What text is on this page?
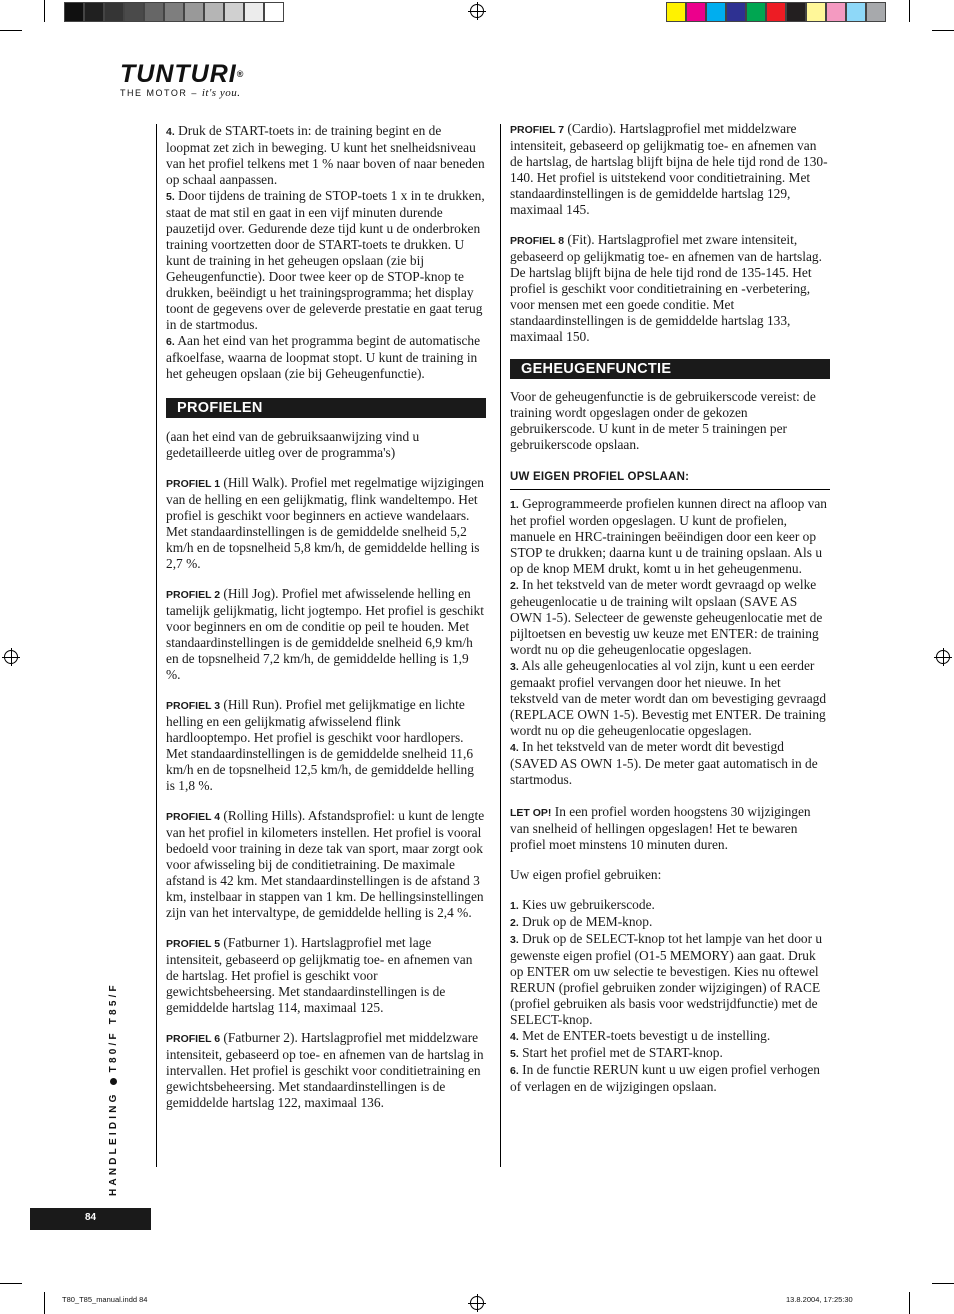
TUNTURI®
THE MOTOR – it's you.

4. Druk de START-toets in: de training begint en de loopmat zet zich in beweging. U kunt het snelheidsniveau van het profiel telkens met 1 % naar boven of naar beneden op schaal aanpassen.

5. Door tijdens de training de STOP-toets 1 x in te drukken, staat de mat stil en gaat in een vijf minuten durende pauzetijd over. Gedurende deze tijd kunt u de onderbroken training voortzetten door de START-toets te drukken. U kunt de training in het geheugen opslaan (zie bij Geheugenfunctie). Door twee keer op de STOP-knop te drukken, beëindigt u het trainingsprogramma; het display toont de gegevens over de geleverde prestatie en gaat terug in de startmodus.

6. Aan het eind van het programma begint de automatische afkoelfase, waarna de loopmat stopt. U kunt de training in het geheugen opslaan (zie bij Geheugenfunctie).

PROFIELEN

(aan het eind van de gebruiksaanwijzing vind u gedetailleerde uitleg over de programma's)

PROFIEL 1 (Hill Walk). Profiel met regelmatige wijzigingen van de helling en een gelijkmatig, flink wandeltempo. Het profiel is geschikt voor beginners en actieve wandelaars. Met standaardinstellingen is de gemiddelde snelheid 5,2 km/h en de topsnelheid 5,8 km/h, de gemiddelde helling is 2,7 %.

PROFIEL 2 (Hill Jog). Profiel met afwisselende helling en tamelijk gelijkmatig, licht jogtempo. Het profiel is geschikt voor beginners en om de conditie op peil te houden. Met standaardinstellingen is de gemiddelde snelheid 6,9 km/h en de topsnelheid 7,2 km/h, de gemiddelde helling is 1,9 %.

PROFIEL 3 (Hill Run). Profiel met gelijkmatige en lichte helling en een gelijkmatig afwisselend flink hardlooptempo. Het profiel is geschikt voor hardlopers. Met standaardinstellingen is de gemiddelde snelheid 11,6 km/h en de topsnelheid 12,5 km/h, de gemiddelde helling is 1,8 %.

PROFIEL 4 (Rolling Hills). Afstandsprofiel: u kunt de lengte van het profiel in kilometers instellen. Het profiel is vooral bedoeld voor training in deze tak van sport, maar zorgt ook voor afwisseling bij de conditietraining. De maximale afstand is 42 km. Met standaardinstellingen is de afstand 3 km, instelbaar in stappen van 1 km. De hellingsinstellingen zijn van het intervaltype, de gemiddelde helling is 2,4 %.

PROFIEL 5 (Fatburner 1). Hartslagprofiel met lage intensiteit, gebaseerd op gelijkmatig toe- en afnemen van de hartslag. Het profiel is geschikt voor gewichtsbeheersing. Met standaardinstellingen is de gemiddelde hartslag 114, maximaal 125.

PROFIEL 6 (Fatburner 2). Hartslagprofiel met middelzware intensiteit, gebaseerd op toe- en afnemen van de hartslag in intervallen. Het profiel is geschikt voor conditietraining en gewichtsbeheersing. Met standaardinstellingen is de gemiddelde hartslag 122, maximaal 136.

PROFIEL 7 (Cardio). Hartslagprofiel met middelzware intensiteit, gebaseerd op gelijkmatig toe- en afnemen van de hartslag, de hartslag blijft bijna de hele tijd rond de 130-140. Het profiel is uitstekend voor conditietraining. Met standaardinstellingen is de gemiddelde hartslag 129, maximaal 145.

PROFIEL 8 (Fit). Hartslagprofiel met zware intensiteit, gebaseerd op gelijkmatig toe- en afnemen van de hartslag. De hartslag blijft bijna de hele tijd rond de 135-145. Het profiel is geschikt voor conditietraining en -verbetering, voor mensen met een goede conditie. Met standaardinstellingen is de gemiddelde hartslag 133, maximaal 150.

GEHEUGENFUNCTIE

Voor de geheugenfunctie is de gebruikerscode vereist: de training wordt opgeslagen onder de gekozen gebruikerscode. U kunt in de meter 5 trainingen per gebruikerscode opslaan.

UW EIGEN PROFIEL OPSLAAN:

1. Geprogrammeerde profielen kunnen direct na afloop van het profiel worden opgeslagen. U kunt de profielen, manuele en HRC-trainingen beëindigen door een keer op STOP te drukken; daarna kunt u de training opslaan. Als u op de knop MEM drukt, komt u in het geheugenmenu.

2. In het tekstveld van de meter wordt gevraagd op welke geheugenlocatie u de training wilt opslaan (SAVE AS OWN 1-5). Selecteer de gewenste geheugenlocatie met de pijltoetsen en bevestig uw keuze met ENTER: de training wordt nu op die geheugenlocatie opgeslagen.

3. Als alle geheugenlocaties al vol zijn, kunt u een eerder gemaakt profiel vervangen door het nieuwe. In het tekstveld van de meter wordt dan om bevestiging gevraagd (REPLACE OWN 1-5). Bevestig met ENTER. De training wordt nu op die geheugenlocatie opgeslagen.

4. In het tekstveld van de meter wordt dit bevestigd (SAVED AS OWN 1-5). De meter gaat automatisch in de startmodus.

LET OP! In een profiel worden hoogstens 30 wijzigingen van snelheid of hellingen opgeslagen! Het te bewaren profiel moet minstens 10 minuten duren.

Uw eigen profiel gebruiken:

1. Kies uw gebruikerscode.

2. Druk op de MEM-knop.

3. Druk op de SELECT-knop tot het lampje van het door u gewenste eigen profiel (O1-5 MEMORY) aan gaat. Druk op ENTER om uw selectie te bevestigen. Kies nu oftewel RERUN (profiel gebruiken zonder wijzigingen) of RACE (profiel gebruiken als basis voor wedstrijdfunctie) met de SELECT-knop.

4. Met de ENTER-toets bevestigt u de instelling.

5. Start het profiel met de START-knop.

6. In de functie RERUN kunt u uw eigen profiel verhogen of verlagen en de wijzigingen opslaan.

HANDLEIDINGT80/F T85/F
84
T80_T85_manual.indd 84	13.8.2004, 17:25:30
